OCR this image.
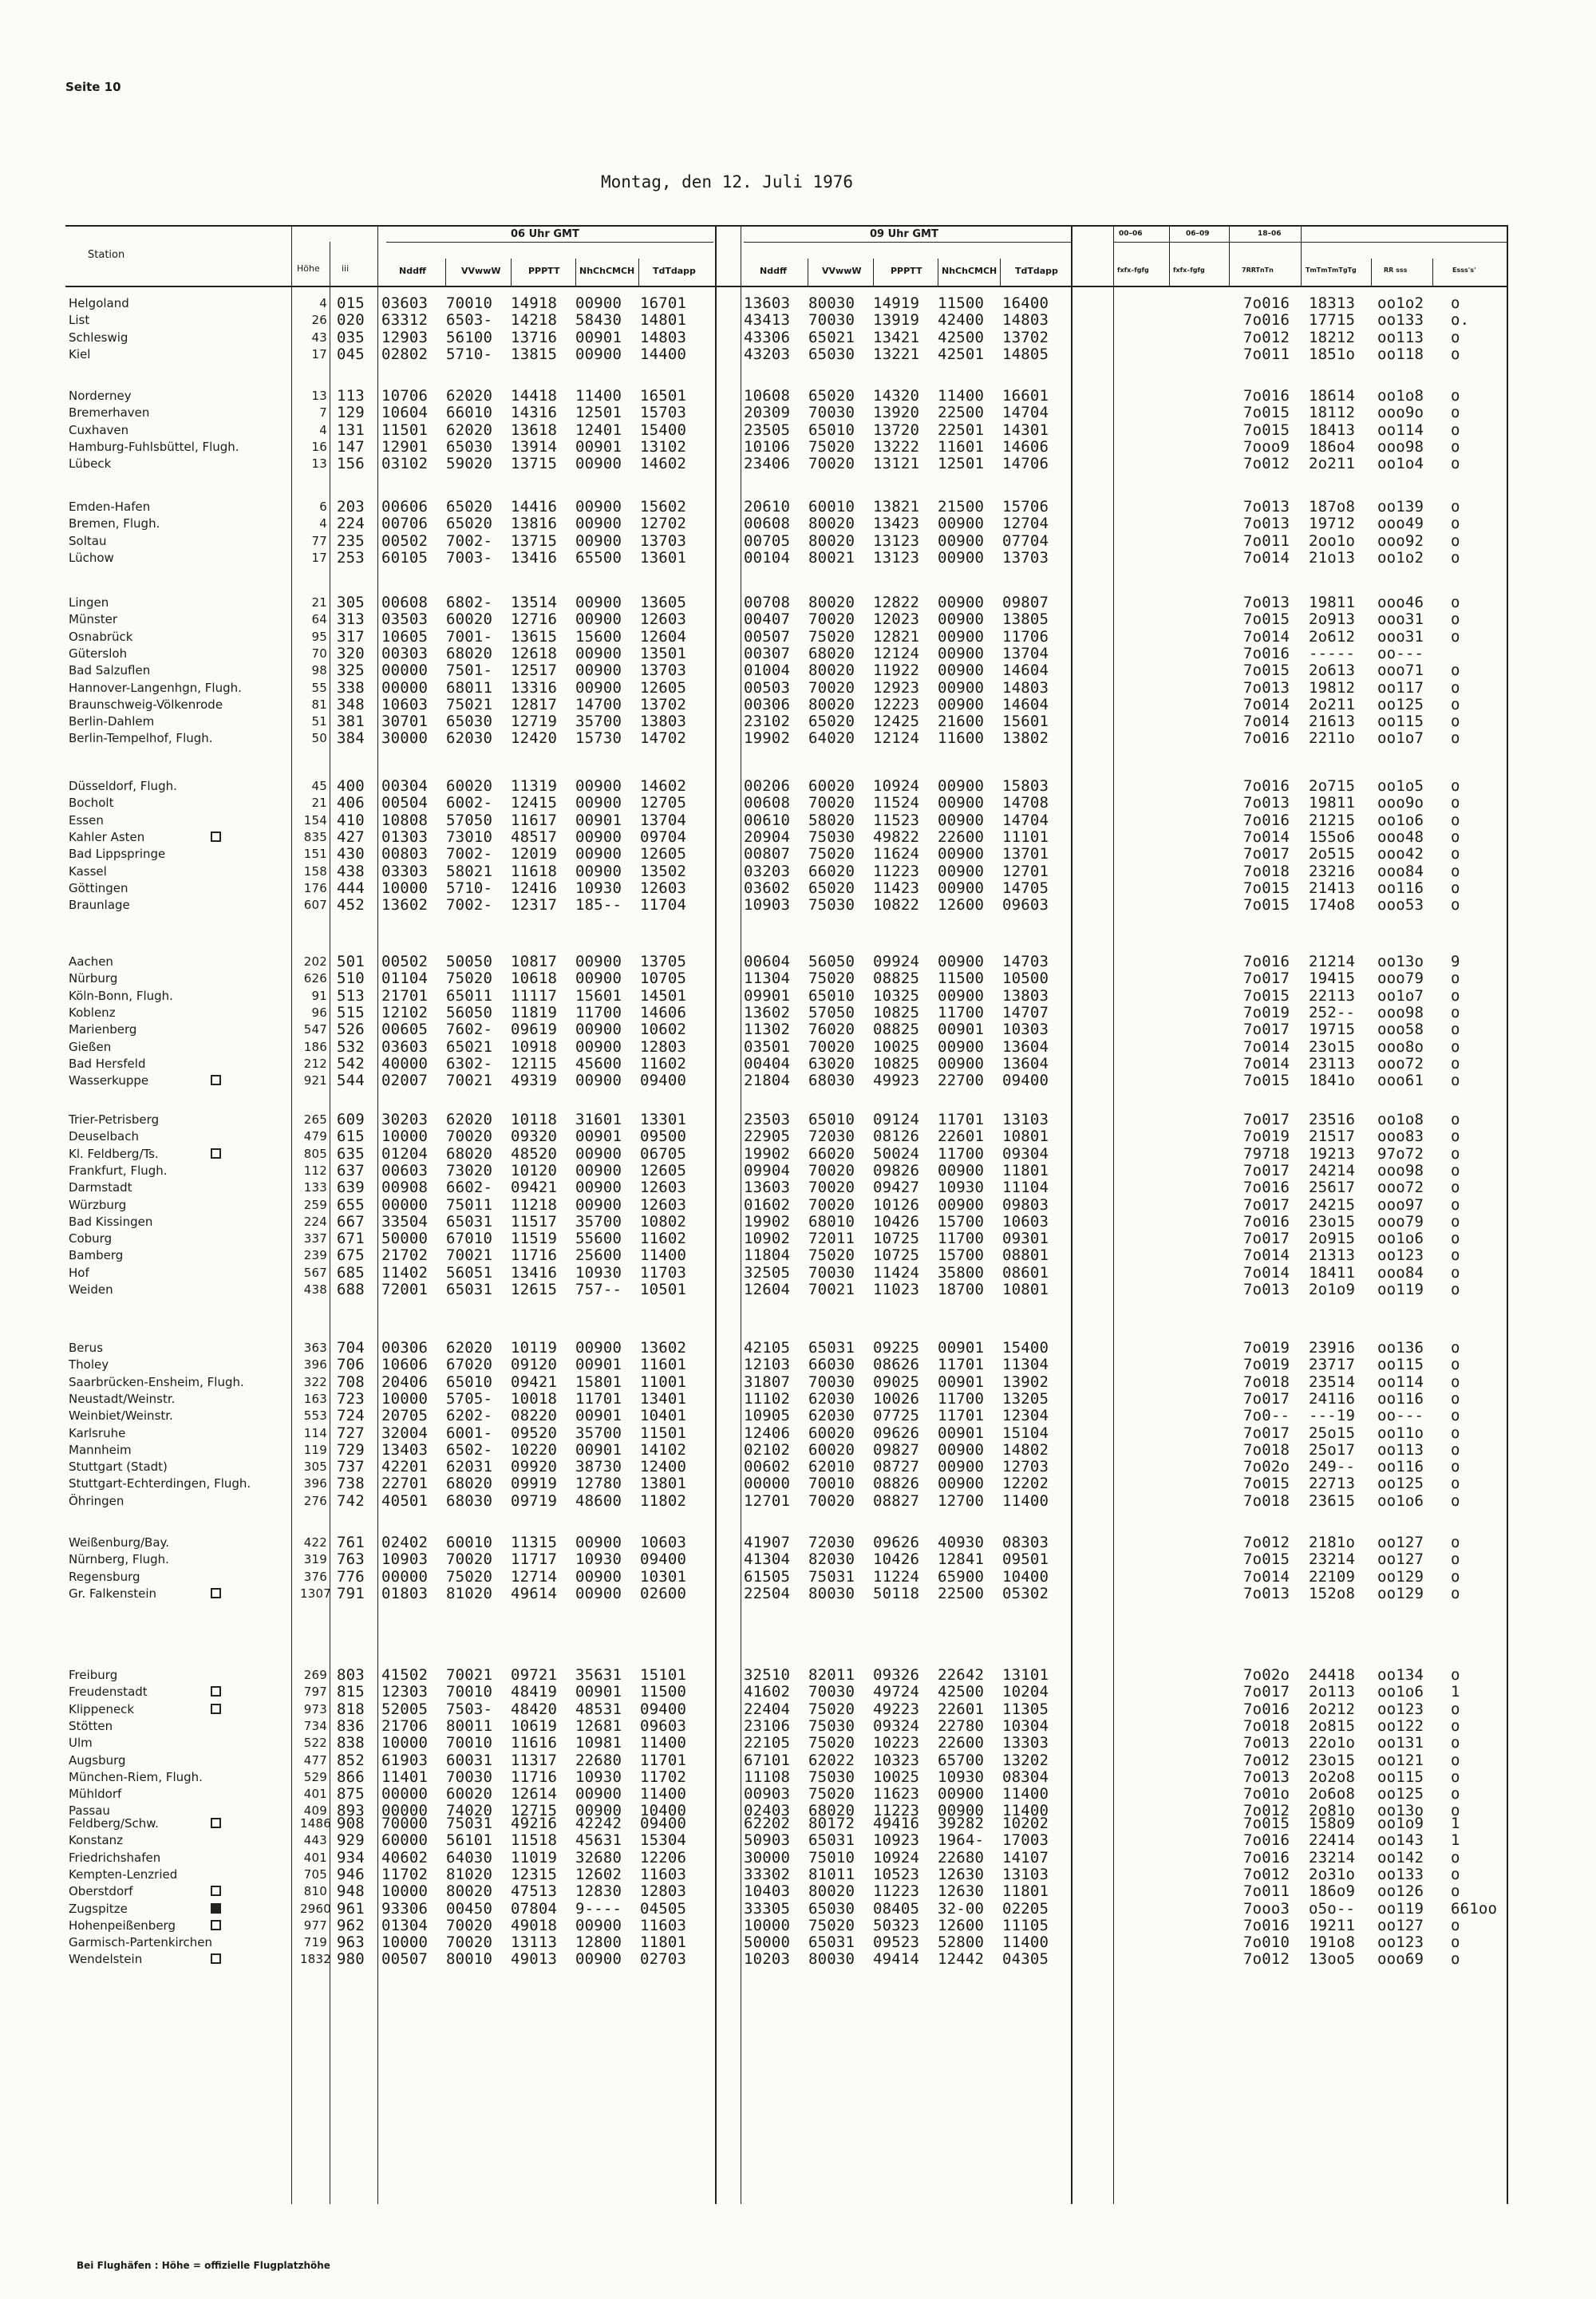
Seite 10
Montag, den 12. Juli 1976
Station
Höhe iii
06 Uhr GMT	09 Uhr GMT
Nddff	VVwwW	PPPTT NhChCMCH TdTdapp	Nddff	VVwwW	PPPTT NhChCMCH TdTdapp
00–06	06–09	18–06
fxfx–fgfg	fxfx–fgfg	7RRTnTn	TmTmTmTgTg	RR sss	Esss's'
Helgoland	4 015 03603 70010 14918 00900 16701	13603 80030 14919 11500 16400	7o016 18313 oo1o2 o
List	26 020 63312 6503- 14218 58430 14801	43413 70030 13919 42400 14803	7o016 17715 oo133 o.
Schleswig	43 035 12903 56100 13716 00901 14803	43306 65021 13421 42500 13702	7o012 18212 oo113 o
Kiel	17 045 02802 5710- 13815 00900 14400	43203 65030 13221 42501 14805	7o011 1851o oo118 o
Norderney	13 113 10706 62020 14418 11400 16501	10608 65020 14320 11400 16601	7o016 18614 oo1o8 o
Bremerhaven	7 129 10604 66010 14316 12501 15703	20309 70030 13920 22500 14704	7o015 18112 ooo9o o
Cuxhaven	4 131 11501 62020 13618 12401 15400	23505 65010 13720 22501 14301	7o015 18413 oo114 o
Hamburg-Fuhlsbüttel, Flugh.	16 147 12901 65030 13914 00901 13102	10106 75020 13222 11601 14606	7ooo9 186o4 ooo98 o
Lübeck	13 156 03102 59020 13715 00900 14602	23406 70020 13121 12501 14706	7o012 2o211 oo1o4 o
Emden-Hafen	6 203 00606 65020 14416 00900 15602	20610 60010 13821 21500 15706	7o013 187o8 oo139 o
Bremen, Flugh.	4 224 00706 65020 13816 00900 12702	00608 80020 13423 00900 12704	7o013 19712 ooo49 o
Soltau	77 235 00502 7002- 13715 00900 13703	00705 80020 13123 00900 07704	7o011 2oo1o ooo92 o
Lüchow	17 253 60105 7003- 13416 65500 13601	00104 80021 13123 00900 13703	7o014 21o13 oo1o2 o
Lingen	21 305 00608 6802- 13514 00900 13605	00708 80020 12822 00900 09807	7o013 19811 ooo46 o
Münster	64 313 03503 60020 12716 00900 12603	00407 70020 12023 00900 13805	7o015 2o913 ooo31 o
Osnabrück	95 317 10605 7001- 13615 15600 12604	00507 75020 12821 00900 11706	7o014 2o612 ooo31 o
Gütersloh	70 320 00303 68020 12618 00900 13501	00307 68020 12124 00900 13704	7o016 ----- oo---
Bad Salzuflen	98 325 00000 7501- 12517 00900 13703	01004 80020 11922 00900 14604	7o015 2o613 ooo71 o
Hannover-Langenhgn, Flugh.	55 338 00000 68011 13316 00900 12605	00503 70020 12923 00900 14803	7o013 19812 oo117 o
Braunschweig-Völkenrode	81 348 10603 75021 12817 14700 13702	00306 80020 12223 00900 14604	7o014 2o211 oo125 o
Berlin-Dahlem	51 381 30701 65030 12719 35700 13803	23102 65020 12425 21600 15601	7o014 21613 oo115 o
Berlin-Tempelhof, Flugh.	50 384 30000 62030 12420 15730 14702	19902 64020 12124 11600 13802	7o016 2211o oo1o7 o
Düsseldorf, Flugh.	45 400 00304 60020 11319 00900 14602	00206 60020 10924 00900 15803	7o016 2o715 oo1o5 o
Bocholt	21 406 00504 6002- 12415 00900 12705	00608 70020 11524 00900 14708	7o013 19811 ooo9o o
Essen	154 410 10808 57050 11617 00901 13704	00610 58020 11523 00900 14704	7o016 21215 oo1o6 o
Kahler Asten	835 427 01303 73010 48517 00900 09704	20904 75030 49822 22600 11101	7o014 155o6 ooo48 o
Bad Lippspringe	151 430 00803 7002- 12019 00900 12605	00807 75020 11624 00900 13701	7o017 2o515 ooo42 o
Kassel	158 438 03303 58021 11618 00900 13502	03203 66020 11223 00900 12701	7o018 23216 ooo84 o
Göttingen	176 444 10000 5710- 12416 10930 12603	03602 65020 11423 00900 14705	7o015 21413 oo116 o
Braunlage	607 452 13602 7002- 12317 185-- 11704	10903 75030 10822 12600 09603	7o015 174o8 ooo53 o
Aachen	202 501 00502 50050 10817 00900 13705	00604 56050 09924 00900 14703	7o016 21214 oo13o 9
Nürburg	626 510 01104 75020 10618 00900 10705	11304 75020 08825 11500 10500	7o017 19415 ooo79 o
Köln-Bonn, Flugh.	91 513 21701 65011 11117 15601 14501	09901 65010 10325 00900 13803	7o015 22113 oo1o7 o
Koblenz	96 515 12102 56050 11819 11700 14606	13602 57050 10825 11700 14707	7o019 252-- ooo98 o
Marienberg	547 526 00605 7602- 09619 00900 10602	11302 76020 08825 00901 10303	7o017 19715 ooo58 o
Gießen	186 532 03603 65021 10918 00900 12803	03501 70020 10025 00900 13604	7o014 23o15 ooo8o o
Bad Hersfeld	212 542 40000 6302- 12115 45600 11602	00404 63020 10825 00900 13604	7o014 23113 ooo72 o
Wasserkuppe	921 544 02007 70021 49319 00900 09400	21804 68030 49923 22700 09400	7o015 1841o ooo61 o
Trier-Petrisberg	265 609 30203 62020 10118 31601 13301	23503 65010 09124 11701 13103	7o017 23516 oo1o8 o
Deuselbach	479 615 10000 70020 09320 00901 09500	22905 72030 08126 22601 10801	7o019 21517 ooo83 o
Kl. Feldberg/Ts.	805 635 01204 68020 48520 00900 06705	19902 66020 50024 11700 09304	79718 19213 97o72 o
Frankfurt, Flugh.	112 637 00603 73020 10120 00900 12605	09904 70020 09826 00900 11801	7o017 24214 ooo98 o
Darmstadt	133 639 00908 6602- 09421 00900 12603	13603 70020 09427 10930 11104	7o016 25617 ooo72 o
Würzburg	259 655 00000 75011 11218 00900 12603	01602 70020 10126 00900 09803	7o017 24215 ooo97 o
Bad Kissingen	224 667 33504 65031 11517 35700 10802	19902 68010 10426 15700 10603	7o016 23o15 ooo79 o
Coburg	337 671 50000 67010 11519 55600 11602	10902 72011 10725 11700 09301	7o017 2o915 oo1o6 o
Bamberg	239 675 21702 70021 11716 25600 11400	11804 75020 10725 15700 08801	7o014 21313 oo123 o
Hof	567 685 11402 56051 13416 10930 11703	32505 70030 11424 35800 08601	7o014 18411 ooo84 o
Weiden	438 688 72001 65031 12615 757-- 10501	12604 70021 11023 18700 10801	7o013 2o1o9 oo119 o
Berus	363 704 00306 62020 10119 00900 13602	42105 65031 09225 00901 15400	7o019 23916 oo136 o
Tholey	396 706 10606 67020 09120 00901 11601	12103 66030 08626 11701 11304	7o019 23717 oo115 o
Saarbrücken-Ensheim, Flugh.	322 708 20406 65010 09421 15801 11001	31807 70030 09025 00901 13902	7o018 23514 oo114 o
Neustadt/Weinstr.	163 723 10000 5705- 10018 11701 13401	11102 62030 10026 11700 13205	7o017 24116 oo116 o
Weinbiet/Weinstr.	553 724 20705 6202- 08220 00901 10401	10905 62030 07725 11701 12304	7o0-- ---19 oo--- o
Karlsruhe	114 727 32004 6001- 09520 35700 11501	12406 60020 09626 00901 15104	7o017 25o15 oo11o o
Mannheim	119 729 13403 6502- 10220 00901 14102	02102 60020 09827 00900 14802	7o018 25o17 oo113 o
Stuttgart (Stadt)	305 737 42201 62031 09920 38730 12400	00602 62010 08727 00900 12703	7o02o 249-- oo116 o
Stuttgart-Echterdingen, Flugh.	396 738 22701 68020 09919 12780 13801	00000 70010 08826 00900 12202	7o015 22713 oo125 o
Öhringen	276 742 40501 68030 09719 48600 11802	12701 70020 08827 12700 11400	7o018 23615 oo1o6 o
Weißenburg/Bay.	422 761 02402 60010 11315 00900 10603	41907 72030 09626 40930 08303	7o012 2181o oo127 o
Nürnberg, Flugh.	319 763 10903 70020 11717 10930 09400	41304 82030 10426 12841 09501	7o015 23214 oo127 o
Regensburg	376 776 00000 75020 12714 00900 10301	61505 75031 11224 65900 10400	7o014 22109 oo129 o
Gr. Falkenstein	1307 791 01803 81020 49614 00900 02600	22504 80030 50118 22500 05302	7o013 152o8 oo129 o
Freiburg	269 803 41502 70021 09721 35631 15101	32510 82011 09326 22642 13101	7o02o 24418 oo134 o
Freudenstadt	797 815 12303 70010 48419 00901 11500	41602 70030 49724 42500 10204	7o017 2o113 oo1o6 1
Klippeneck	973 818 52005 7503- 48420 48531 09400	22404 75020 49223 22601 11305	7o016 2o212 oo123 o
Stötten	734 836 21706 80011 10619 12681 09603	23106 75030 09324 22780 10304	7o018 2o815 oo122 o
Ulm	522 838 10000 70010 11616 10981 11400	22105 75020 10223 22600 13303	7o013 22o1o oo131 o
Augsburg	477 852 61903 60031 11317 22680 11701	67101 62022 10323 65700 13202	7o012 23o15 oo121 o
München-Riem, Flugh.	529 866 11401 70030 11716 10930 11702	11108 75030 10025 10930 08304	7o013 2o2o8 oo115 o
Mühldorf	401 875 00000 60020 12614 00900 11400	00903 75020 11623 00900 11400	7o01o 2o6o8 oo125 o
Passau	409 893 00000 74020 12715 00900 10400	02403 68020 11223 00900 11400	7o012 2o81o oo13o o
Feldberg/Schw.	1486 908 70000 75031 49216 42242 09400	62202 80172 49416 39282 10202	7o015 158o9 oo1o9 1
Konstanz	443 929 60000 56101 11518 45631 15304	50903 65031 10923 1964- 17003	7o016 22414 oo143 1
Friedrichshafen	401 934 40602 64030 11019 32680 12206	30000 75010 10924 22680 14107	7o016 23214 oo142 o
Kempten-Lenzried	705 946 11702 81020 12315 12602 11603	33302 81011 10523 12630 13103	7o012 2o31o oo133 o
Oberstdorf	810 948 10000 80020 47513 12830 12803	10403 80020 11223 12630 11801	7o011 186o9 oo126 o
Zugspitze	2960 961 93306 00450 07804 9---- 04505	33305 65030 08405 32-00 02205	7ooo3 o5o-- oo119 661oo
Hohenpeißenberg	977 962 01304 70020 49018 00900 11603	10000 75020 50323 12600 11105	7o016 19211 oo127 o
Garmisch-Partenkirchen	719 963 10000 70020 13113 12800 11801	50000 65031 09523 52800 11400	7o010 191o8 oo123 o
Wendelstein	1832 980 00507 80010 49013 00900 02703	10203 80030 49414 12442 04305	7o012 13oo5 ooo69 o
Bei Flughäfen : Höhe = offizielle Flugplatzhöhe
